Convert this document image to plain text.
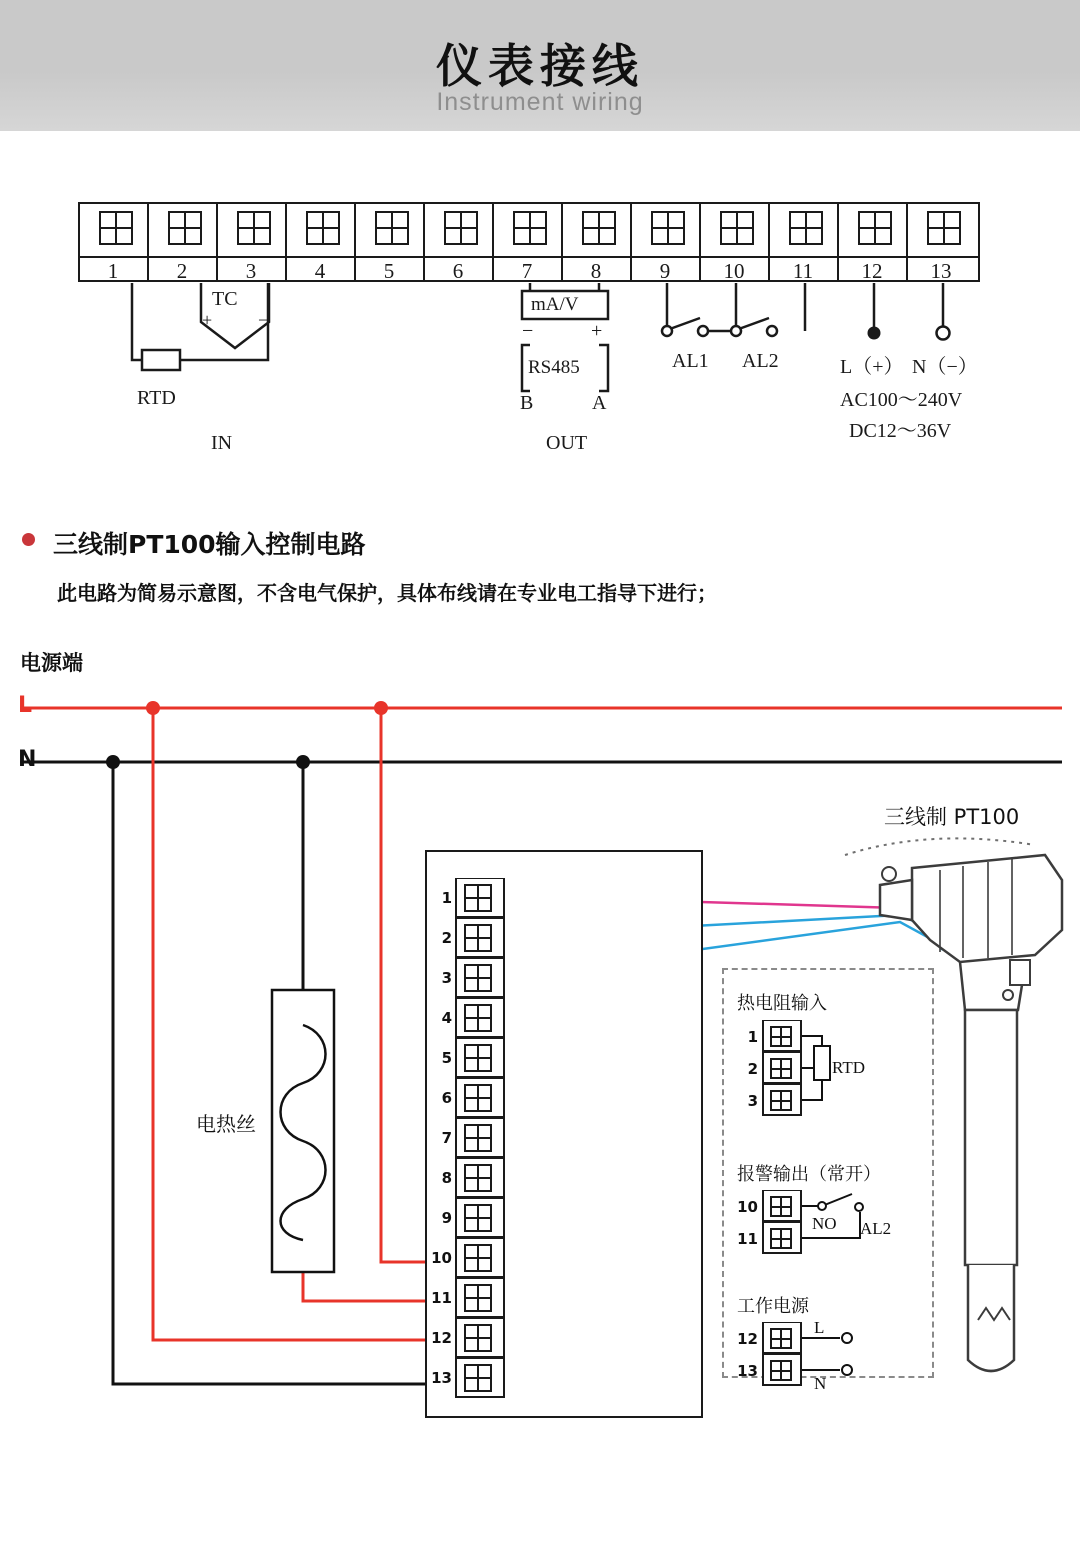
仪表接线
Instrument wiring
1	2	3	4	5	6	7	8	9	10	11	12	13
TC
+	−
RTD
IN
mA/V
−	+
RS485
B	A
OUT
AL1 AL2	L（+） N（−）
AC100～240V
DC12～36V
三线制PT100输入控制电路
此电路为简易示意图，不含电气保护，具体布线请在专业电工指导下进行；
电源端
L
N
电热丝
三线制 PT100
1
2
3
4
5
6
7
8
9
10
11
12
13
热电阻输入
报警输出（常开）
工作电源
1
2
3
10
11
12
13
RTD
NO AL2
L
N
